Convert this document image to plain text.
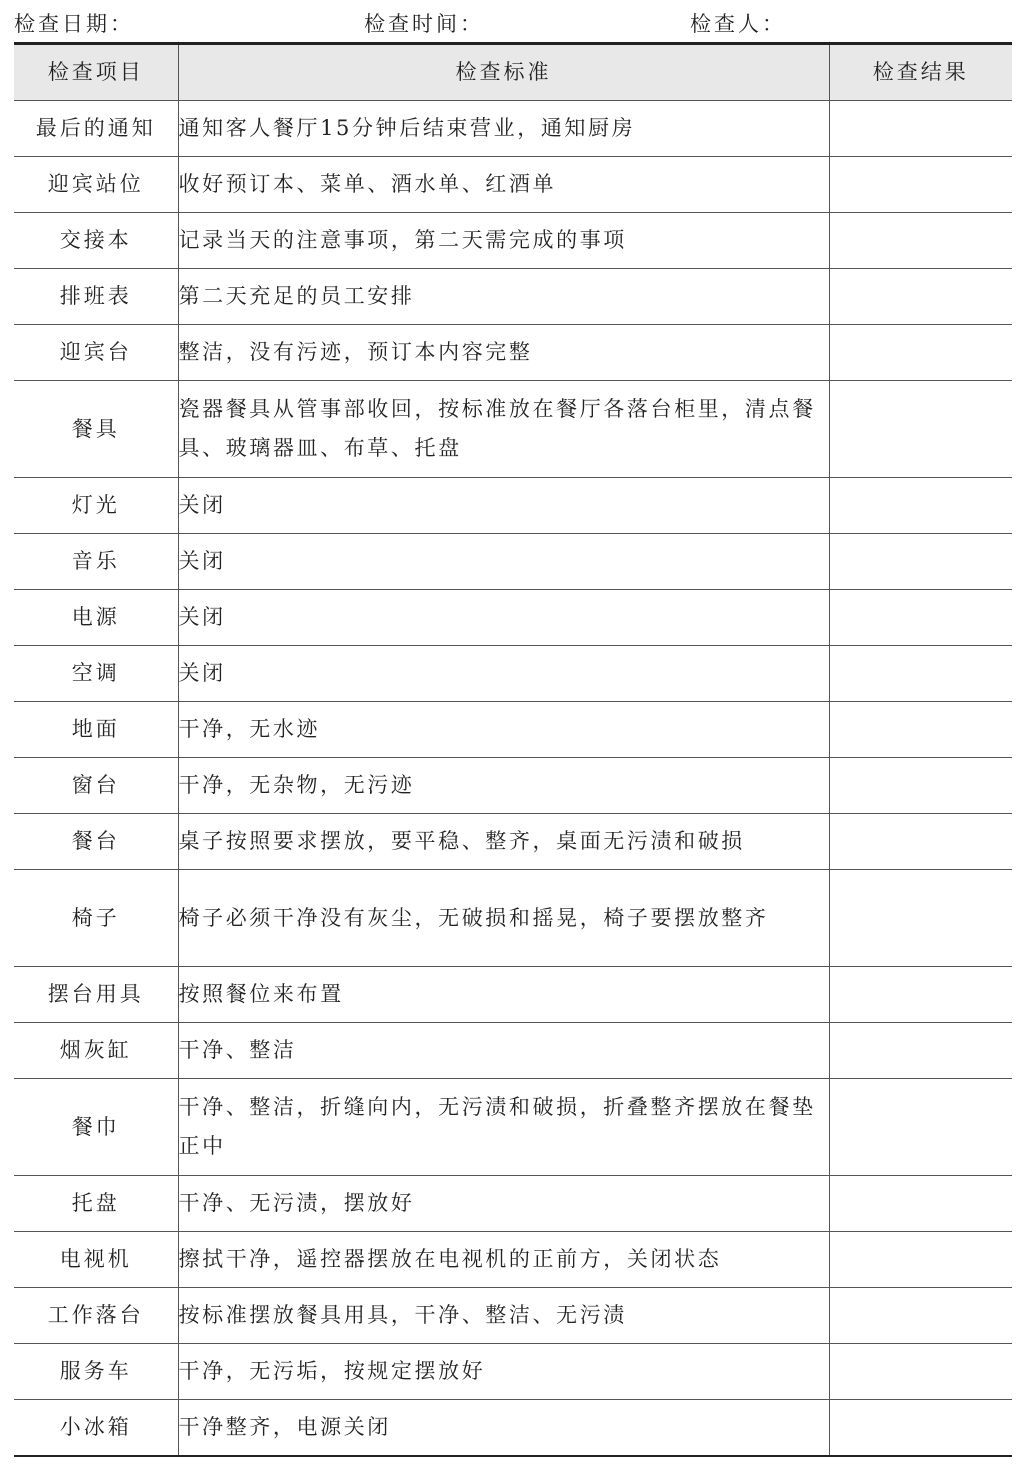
检查日期：	检查时间：	检查人：
检查项目	检查标准	检查结果
最后的通知	通知客人餐厅15分钟后结束营业，通知厨房	
迎宾站位	收好预订本、菜单、酒水单、红酒单	
交接本	记录当天的注意事项，第二天需完成的事项	
排班表	第二天充足的员工安排	
迎宾台	整洁，没有污迹，预订本内容完整	
餐具	瓷器餐具从管事部收回，按标准放在餐厅各落台柜里，清点餐具、玻璃器皿、布草、托盘	
灯光	关闭	
音乐	关闭	
电源	关闭	
空调	关闭	
地面	干净，无水迹	
窗台	干净，无杂物，无污迹	
餐台	桌子按照要求摆放，要平稳、整齐，桌面无污渍和破损	
椅子	椅子必须干净没有灰尘，无破损和摇晃，椅子要摆放整齐	
摆台用具	按照餐位来布置	
烟灰缸	干净、整洁	
餐巾	干净、整洁，折缝向内，无污渍和破损，折叠整齐摆放在餐垫正中	
托盘	干净、无污渍，摆放好	
电视机	擦拭干净，遥控器摆放在电视机的正前方，关闭状态	
工作落台	按标准摆放餐具用具，干净、整洁、无污渍	
服务车	干净，无污垢，按规定摆放好	
小冰箱	干净整齐，电源关闭	
